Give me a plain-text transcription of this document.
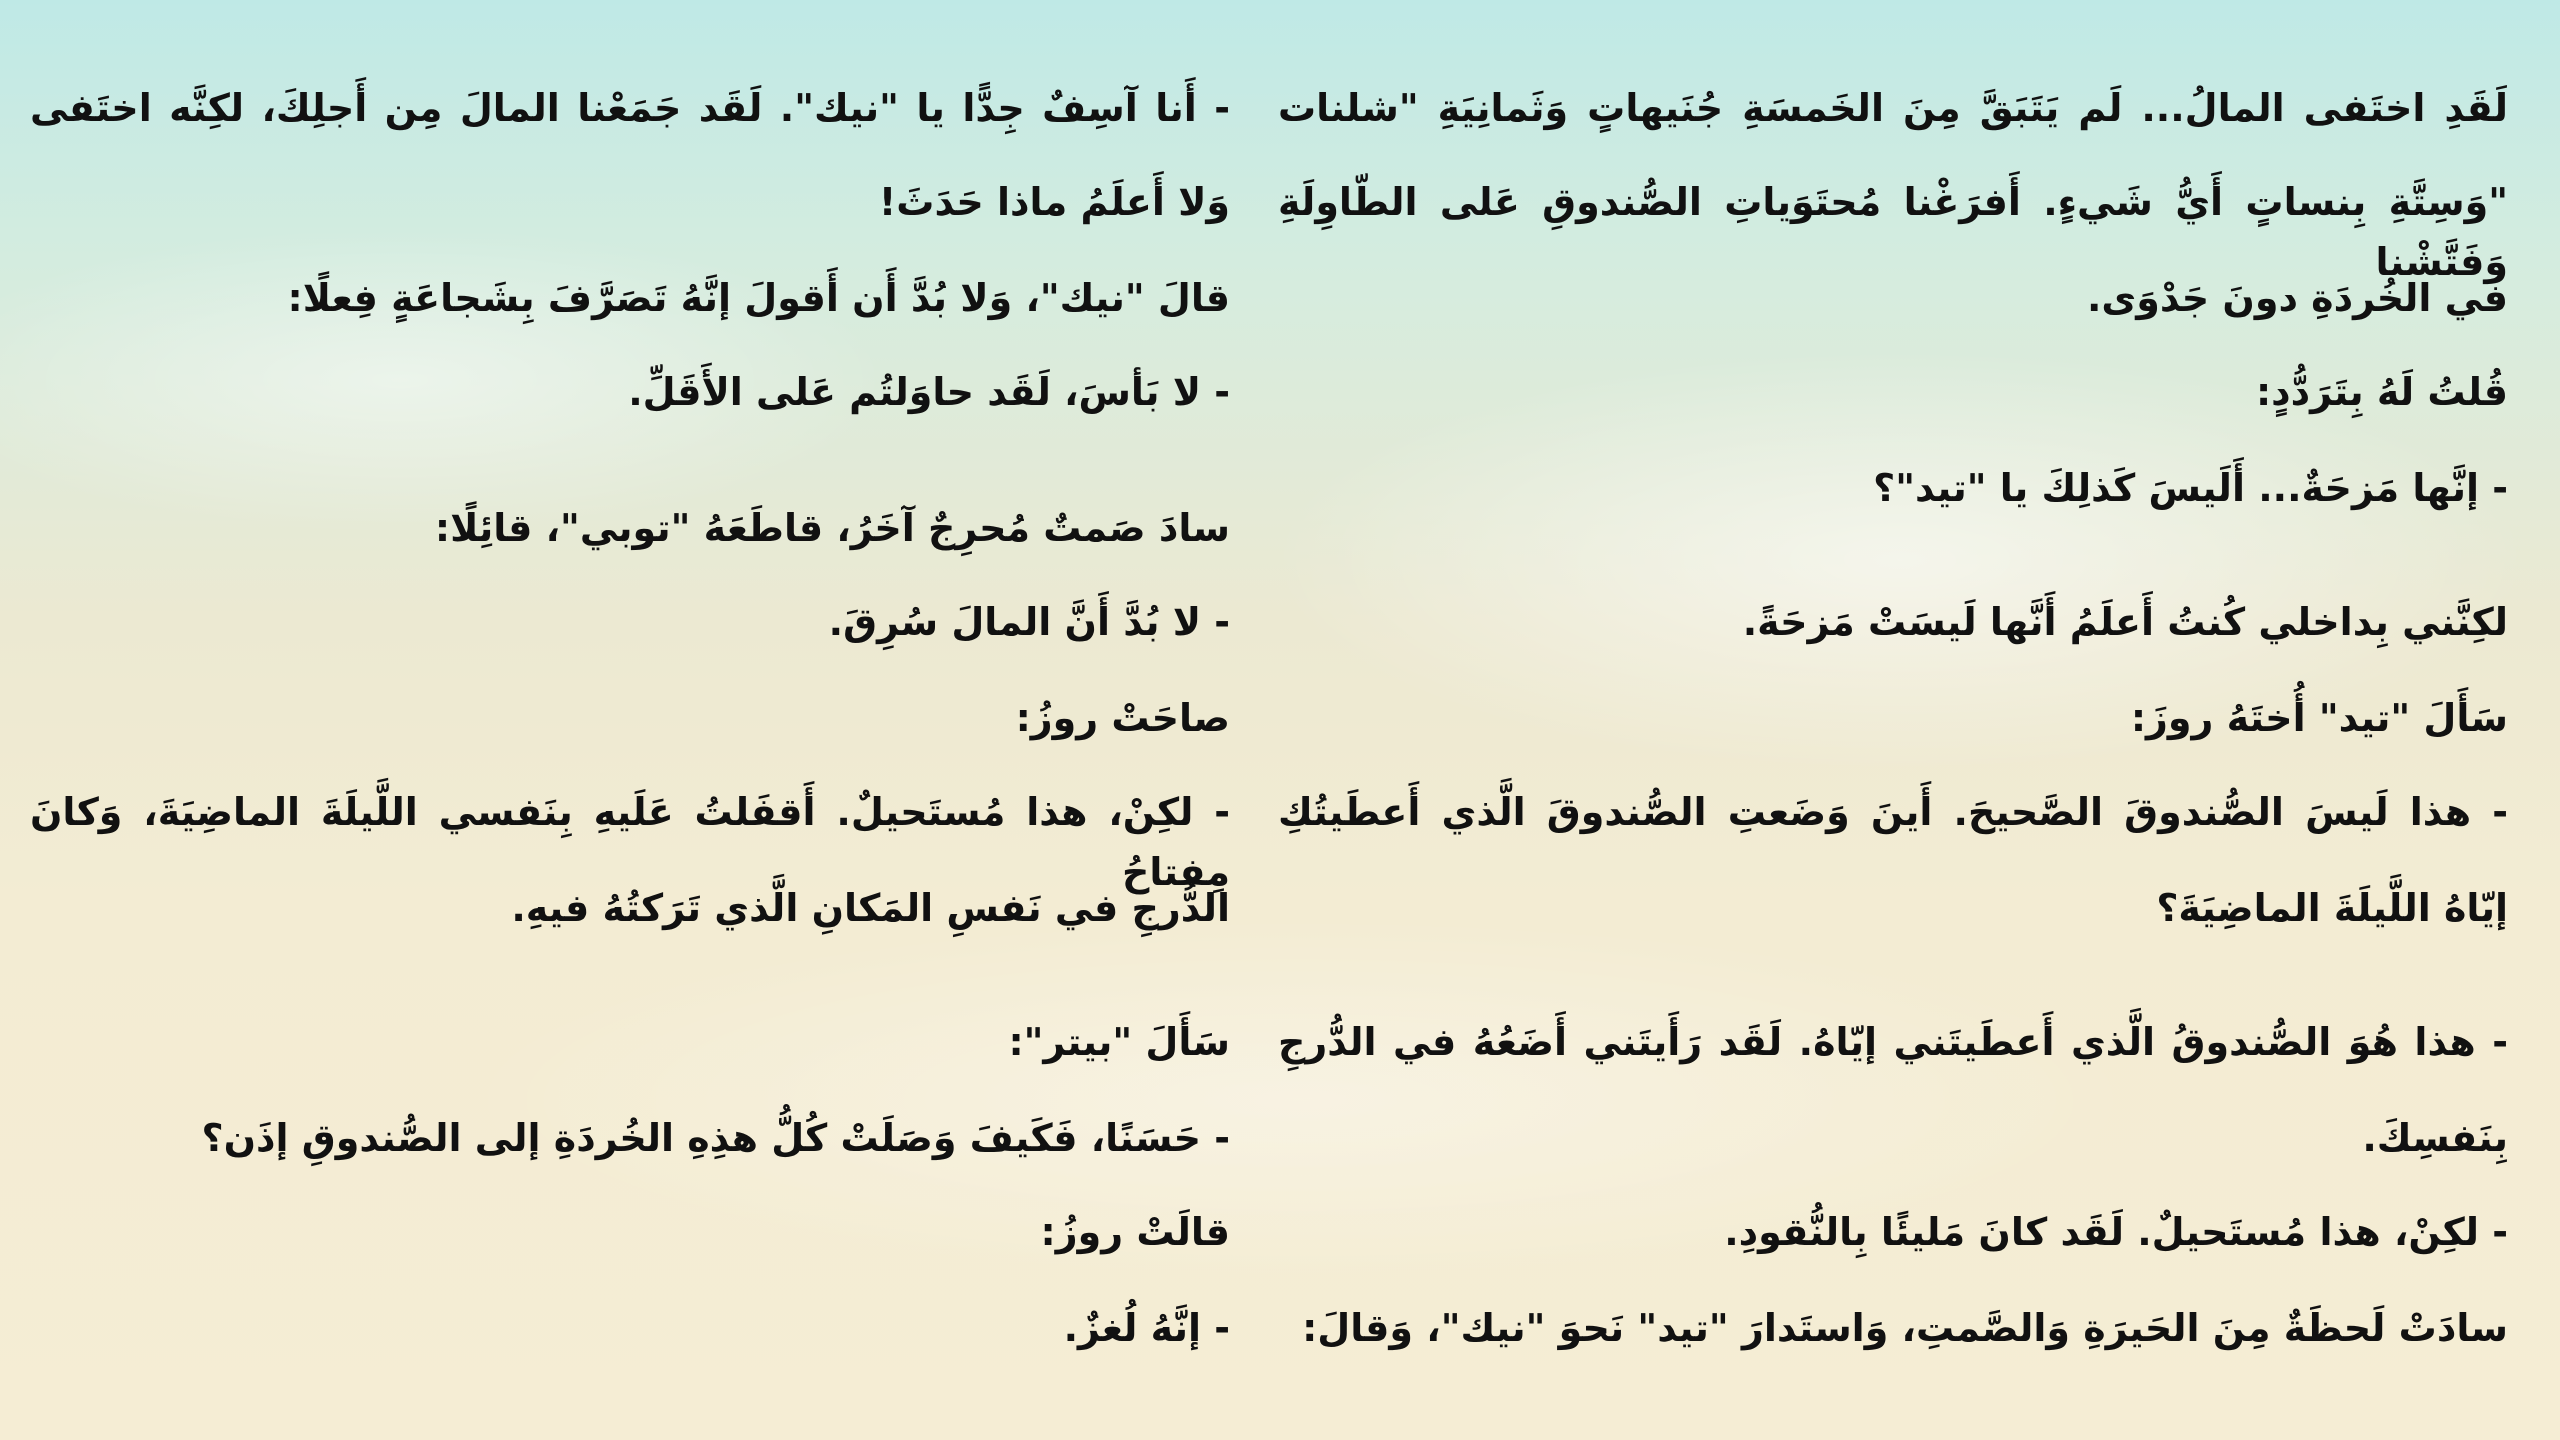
لَقَدِ اختَفى المالُ... لَم يَتَبَقَّ مِنَ الخَمسَةِ جُنَيهاتٍ وَثَمانِيَةِ "شلنات
"وَسِتَّةِ بِنساتٍ أَيُّ شَيءٍ. أَفرَغْنا مُحتَوَياتِ الصُّندوقِ عَلى الطّاوِلَةِ وَفَتَّشْنا
في الخُردَةِ دونَ جَدْوَى.
قُلتُ لَهُ بِتَرَدُّدٍ:
- إنَّها مَزحَةٌ... أَلَيسَ كَذلِكَ يا "تيد"؟
لكِنَّني بِداخلي كُنتُ أَعلَمُ أَنَّها لَيسَتْ مَزحَةً.
سَأَلَ "تيد" أُختَهُ روزَ:
- هذا لَيسَ الصُّندوقَ الصَّحيحَ. أَينَ وَضَعتِ الصُّندوقَ الَّذي أَعطَيتُكِ
إيّاهُ اللَّيلَةَ الماضِيَةَ؟
- هذا هُوَ الصُّندوقُ الَّذي أَعطَيتَني إيّاهُ. لَقَد رَأَيتَني أَضَعُهُ في الدُّرجِ
بِنَفسِكَ.
- لكِنْ، هذا مُستَحيلٌ. لَقَد كانَ مَليئًا بِالنُّقودِ.
سادَتْ لَحظَةٌ مِنَ الحَيرَةِ وَالصَّمتِ، وَاستَدارَ "تيد" نَحوَ "نيك"، وَقالَ:
- أَنا آسِفٌ جِدًّا يا "نيك". لَقَد جَمَعْنا المالَ مِن أَجلِكَ، لكِنَّه اختَفى
وَلا أَعلَمُ ماذا حَدَثَ!
قالَ "نيك"، وَلا بُدَّ أَن أَقولَ إنَّهُ تَصَرَّفَ بِشَجاعَةٍ فِعلًا:
- لا بَأسَ، لَقَد حاوَلتُم عَلى الأَقَلِّ.
سادَ صَمتٌ مُحرِجٌ آخَرُ، قاطَعَهُ "توبي"، قائِلًا:
- لا بُدَّ أَنَّ المالَ سُرِقَ.
صاحَتْ روزُ:
- لكِنْ، هذا مُستَحيلٌ. أَقفَلتُ عَلَيهِ بِنَفسي اللَّيلَةَ الماضِيَةَ، وَكانَ مِفتاحُ
الدُّرجِ في نَفسِ المَكانِ الَّذي تَرَكتُهُ فيهِ.
سَأَلَ "بيتر":
- حَسَنًا، فَكَيفَ وَصَلَتْ كُلُّ هذِهِ الخُردَةِ إلى الصُّندوقِ إذَن؟
قالَتْ روزُ:
- إنَّهُ لُغزٌ.
